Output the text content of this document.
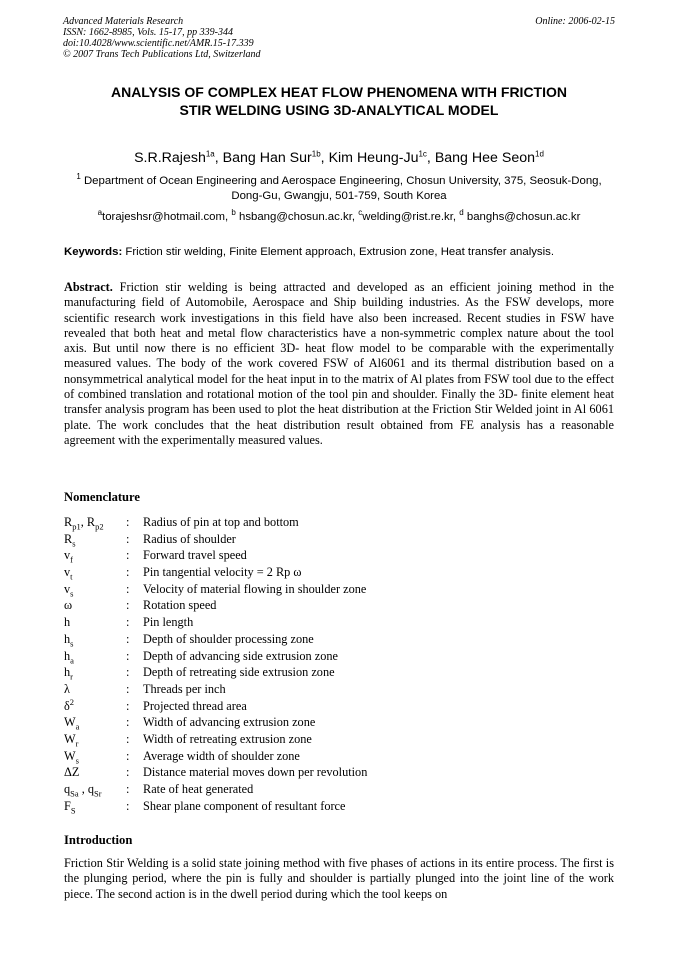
Advanced Materials Research
ISSN: 1662-8985, Vols. 15-17, pp 339-344
doi:10.4028/www.scientific.net/AMR.15-17.339
© 2007 Trans Tech Publications Ltd, Switzerland
Online: 2006-02-15
ANALYSIS OF COMPLEX HEAT FLOW PHENOMENA WITH FRICTION
STIR WELDING USING 3D-ANALYTICAL MODEL
S.R.Rajesh$^{1a}$, Bang Han Sur$^{1b}$, Kim Heung-$Ju^{1c}$, Bang Hee Seon$^{1d}$
$^1$ Department of Ocean Engineering and Aerospace Engineering, Chosun University, 375, Seosuk-Dong, Dong-Gu, Gwangju, 501-759, South Korea
$^a$torajeshsr@hotmail.com, $^b$ hsbang@chosun.ac.kr, $^c$welding@rist.re.kr, $^d$ banghs@chosun.ac.kr
Keywords: Friction stir welding, Finite Element approach, Extrusion zone, Heat transfer analysis.
Abstract. Friction stir welding is being attracted and developed as an efficient joining method in the manufacturing field of Automobile, Aerospace and Ship building industries. As the FSW develops, more scientific research work investigations in this field have also been increased. Recent studies in FSW have revealed that both heat and metal flow characteristics have a non-symmetric complex nature about the tool axis. But until now there is no efficient 3D- heat flow model to be comparable with the experimentally measured values. The body of the work covered FSW of Al6061 and its thermal distribution based on a nonsymmetrical analytical model for the heat input in to the matrix of Al plates from FSW tool due to the effect of combined translation and rotational motion of the tool pin and shoulder. Finally the 3D- finite element heat transfer analysis program has been used to plot the heat distribution at the Friction Stir Welded joint in Al 6061 plate. The work concludes that the heat distribution result obtained from FE analysis has a reasonable agreement with the experimentally measured values.
Nomenclature
$R_{p1}$, $R_{p2}$	:	Radius of pin at top and bottom
$R_s$	:	Radius of shoulder
$v_f$	:	Forward travel speed
$v_t$	:	Pin tangential velocity = 2 Rp ω
$v_s$	:	Velocity of material flowing in shoulder zone
ω	:	Rotation speed
h	:	Pin length
$h_s$	:	Depth of shoulder processing zone
$h_a$	:	Depth of advancing side extrusion zone
$h_r$	:	Depth of retreating side extrusion zone
λ	:	Threads per inch
$\delta^2$	:	Projected thread area
$W_a$	:	Width of advancing extrusion zone
$W_r$	:	Width of retreating extrusion zone
$W_s$	:	Average width of shoulder zone
ΔZ	:	Distance material moves down per revolution
$q_{Sa}$ , $q_{Sr}$	:	Rate of heat generated
$F_S$	:	Shear plane component of resultant force
Introduction
Friction Stir Welding is a solid state joining method with five phases of actions in its entire process. The first is the plunging period, where the pin is fully and shoulder is partially plunged into the joint line of the work piece. The second action is in the dwell period during which the tool keeps on
